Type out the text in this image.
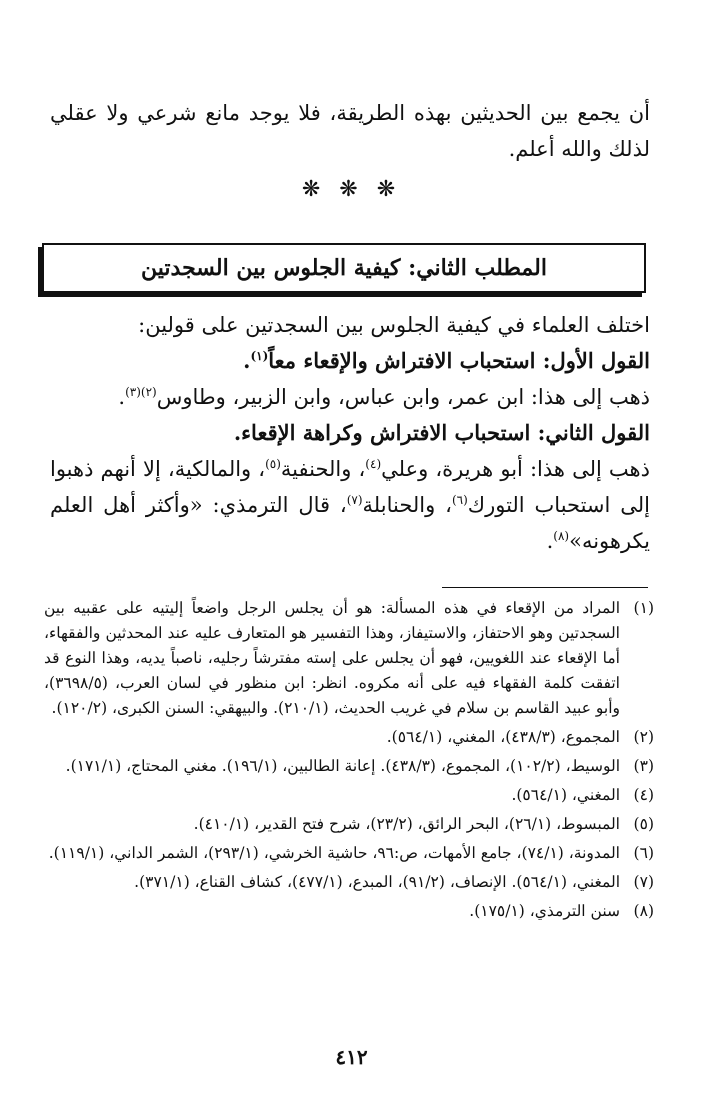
أن يجمع بين الحديثين بهذه الطريقة، فلا يوجد مانع شرعي ولا عقلي

لذلك والله أعلم.

❋ ❋ ❋
المطلب الثاني: كيفية الجلوس بين السجدتين

اختلف العلماء في كيفية الجلوس بين السجدتين على قولين:

القول الأول: استحباب الافتراش والإقعاء معاً$^{(١)}$.

ذهب إلى هذا: ابن عمر، وابن عباس، وابن الزبير، وطاوس$^{(٢)(٣)}$.

القول الثاني: استحباب الافتراش وكراهة الإقعاء.

ذهب إلى هذا: أبو هريرة، وعلي$^{(٤)}$، والحنفية$^{(٥)}$، والمالكية، إلا أنهم ذهبوا إلى استحباب التورك$^{(٦)}$، والحنابلة$^{(٧)}$، قال الترمذي: «وأكثر أهل العلم يكرهونه»$^{(٨)}$.

(١)
المراد من الإقعاء في هذه المسألة: هو أن يجلس الرجل واضعاً إليتيه على عقبيه بين السجدتين وهو الاحتفاز، والاستيفاز، وهذا التفسير هو المتعارف عليه عند المحدثين والفقهاء، أما الإقعاء عند اللغويين، فهو أن يجلس على إسته مفترشاً رجليه، ناصباً يديه، وهذا النوع قد اتفقت كلمة الفقهاء فيه على أنه مكروه. انظر: ابن منظور في لسان العرب، (٣٦٩٨/٥)، وأبو عبيد القاسم بن سلام في غريب الحديث، (٢١٠/١). والبيهقي: السنن الكبرى، (١٢٠/٢).
(٢)
المجموع، (٤٣٨/٣)، المغني، (٥٦٤/١).
(٣)
الوسيط، (١٠٢/٢)، المجموع، (٤٣٨/٣). إعانة الطالبين، (١٩٦/١). مغني المحتاج، (١٧١/١).
(٤)
المغني، (٥٦٤/١).
(٥)
المبسوط، (٢٦/١)، البحر الرائق، (٢٣/٢)، شرح فتح القدير، (٤١٠/١).
(٦)
المدونة، (٧٤/١)، جامع الأمهات، ص:٩٦، حاشية الخرشي، (٢٩٣/١)، الشمر الداني، (١١٩/١).
(٧)
المغني، (٥٦٤/١). الإنصاف، (٩١/٢)، المبدع، (٤٧٧/١)، كشاف القناع، (٣٧١/١).
(٨)
سنن الترمذي، (١٧٥/١).
٤١٢
